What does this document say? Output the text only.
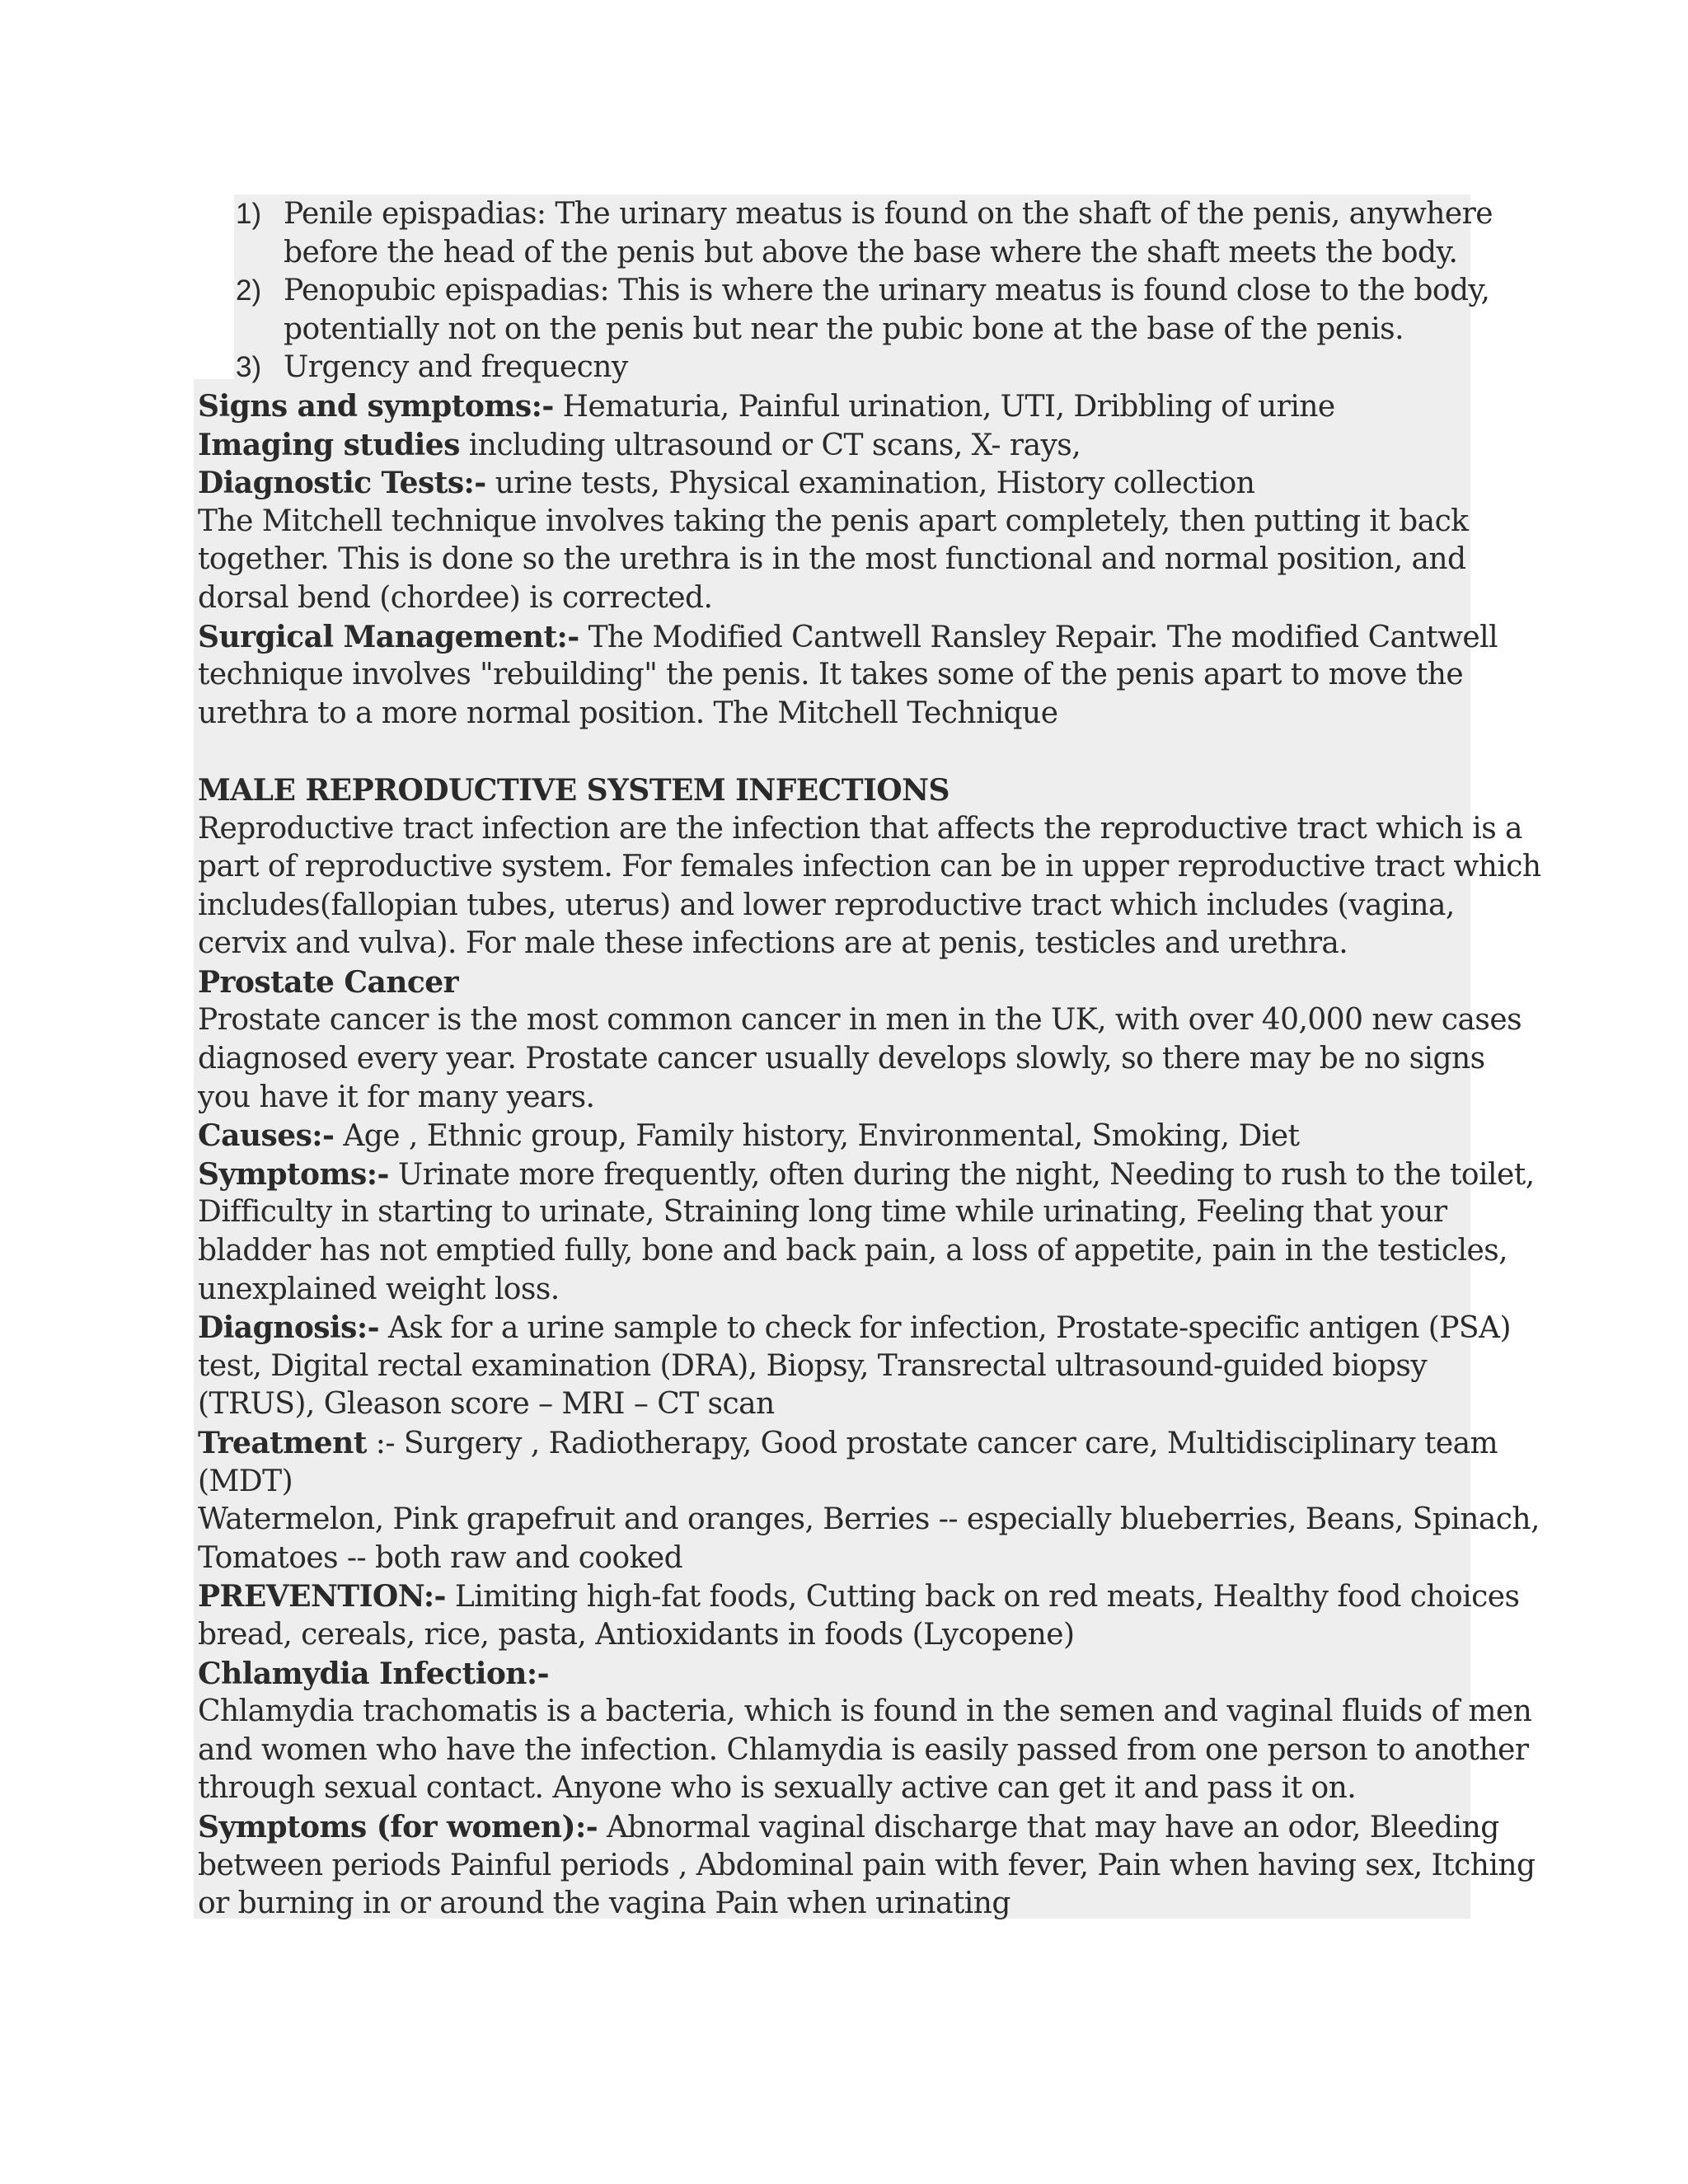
1) Penile epispadias: The urinary meatus is found on the shaft of the penis, anywhere
before the head of the penis but above the base where the shaft meets the body.
2) Penopubic epispadias: This is where the urinary meatus is found close to the body,
potentially not on the penis but near the pubic bone at the base of the penis.
3) Urgency and frequecny
Signs and symptoms:- Hematuria, Painful urination, UTI, Dribbling of urine
Imaging studies including ultrasound or CT scans, X- rays,
Diagnostic Tests:- urine tests, Physical examination, History collection
The Mitchell technique involves taking the penis apart completely, then putting it back
together. This is done so the urethra is in the most functional and normal position, and
dorsal bend (chordee) is corrected.
Surgical Management:- The Modified Cantwell Ransley Repair. The modified Cantwell
technique involves "rebuilding" the penis. It takes some of the penis apart to move the
urethra to a more normal position. The Mitchell Technique
MALE REPRODUCTIVE SYSTEM INFECTIONS
Reproductive tract infection are the infection that affects the reproductive tract which is a
part of reproductive system. For females infection can be in upper reproductive tract which
includes(fallopian tubes, uterus) and lower reproductive tract which includes (vagina,
cervix and vulva). For male these infections are at penis, testicles and urethra.
Prostate Cancer
Prostate cancer is the most common cancer in men in the UK, with over 40,000 new cases
diagnosed every year. Prostate cancer usually develops slowly, so there may be no signs
you have it for many years.
Causes:- Age , Ethnic group, Family history, Environmental, Smoking, Diet
Symptoms:- Urinate more frequently, often during the night, Needing to rush to the toilet,
Difficulty in starting to urinate, Straining long time while urinating, Feeling that your
bladder has not emptied fully, bone and back pain, a loss of appetite, pain in the testicles,
unexplained weight loss.
Diagnosis:- Ask for a urine sample to check for infection, Prostate-specific antigen (PSA)
test, Digital rectal examination (DRA), Biopsy, Transrectal ultrasound-guided biopsy
(TRUS), Gleason score – MRI – CT scan
Treatment :- Surgery , Radiotherapy, Good prostate cancer care, Multidisciplinary team
(MDT)
Watermelon, Pink grapefruit and oranges, Berries -- especially blueberries, Beans, Spinach,
Tomatoes -- both raw and cooked
PREVENTION:- Limiting high-fat foods, Cutting back on red meats, Healthy food choices
bread, cereals, rice, pasta, Antioxidants in foods (Lycopene)
Chlamydia Infection:-
Chlamydia trachomatis is a bacteria, which is found in the semen and vaginal fluids of men
and women who have the infection. Chlamydia is easily passed from one person to another
through sexual contact. Anyone who is sexually active can get it and pass it on.
Symptoms (for women):- Abnormal vaginal discharge that may have an odor, Bleeding
between periods Painful periods , Abdominal pain with fever, Pain when having sex, Itching
or burning in or around the vagina Pain when urinating
